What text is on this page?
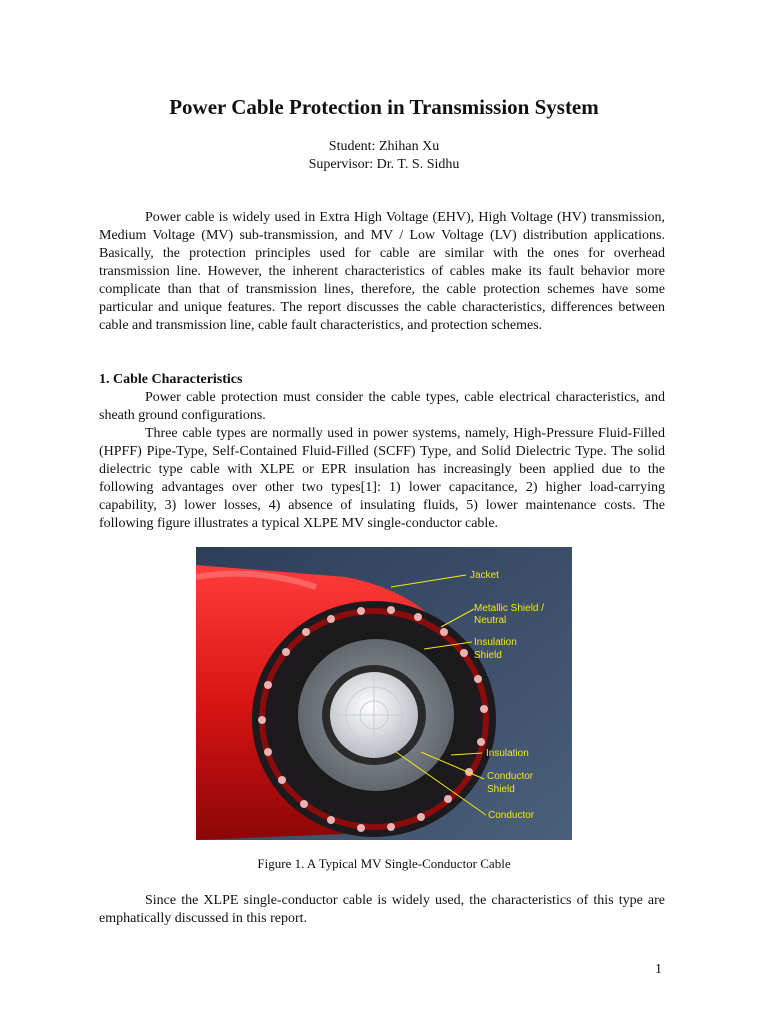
Power Cable Protection in Transmission System
Student: Zhihan Xu
Supervisor: Dr. T. S. Sidhu

Power cable is widely used in Extra High Voltage (EHV), High Voltage (HV) transmission, Medium Voltage (MV) sub-transmission, and MV / Low Voltage (LV) distribution applications. Basically, the protection principles used for cable are similar with the ones for overhead transmission line. However, the inherent characteristics of cables make its fault behavior more complicate than that of transmission lines, therefore, the cable protection schemes have some particular and unique features. The report discusses the cable characteristics, differences between cable and transmission line, cable fault characteristics, and protection schemes.

1. Cable Characteristics

Power cable protection must consider the cable types, cable electrical characteristics, and sheath ground configurations.

Three cable types are normally used in power systems, namely, High-Pressure Fluid-Filled (HPFF) Pipe-Type, Self-Contained Fluid-Filled (SCFF) Type, and Solid Dielectric Type. The solid dielectric type cable with XLPE or EPR insulation has increasingly been applied due to the following advantages over other two types[1]: 1) lower capacitance, 2) higher load-carrying capability, 3) lower losses, 4) absence of insulating fluids, 5) lower maintenance costs. The following figure illustrates a typical XLPE MV single-conductor cable.

Jacket
Metallic Shield /
Neutral
Insulation
Shield
Insulation
Conductor
Shield
Conductor
Figure 1. A Typical MV Single-Conductor Cable

Since the XLPE single-conductor cable is widely used, the characteristics of this type are emphatically discussed in this report.

1
